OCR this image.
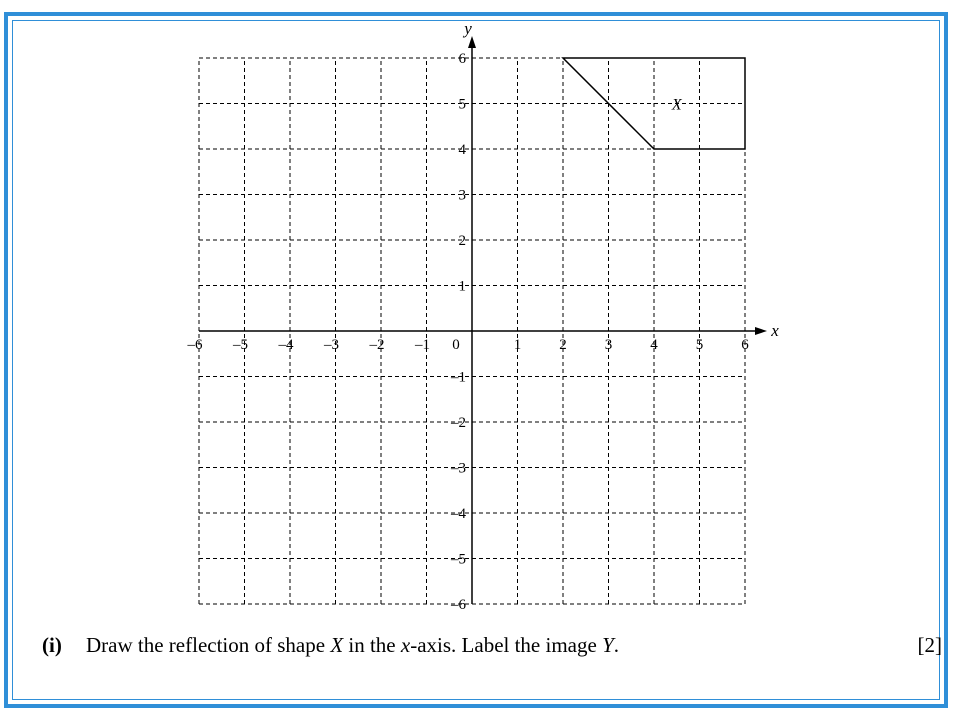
x
y
–6 –5 –4 –3 –2 –1	1	2	3	4	5	6
–6
–5
–4
–3
–2
–1
1
2
3
4
5
6
0
X
(i) Draw the reflection of shape X in the x-axis. Label the image Y.	[2]
